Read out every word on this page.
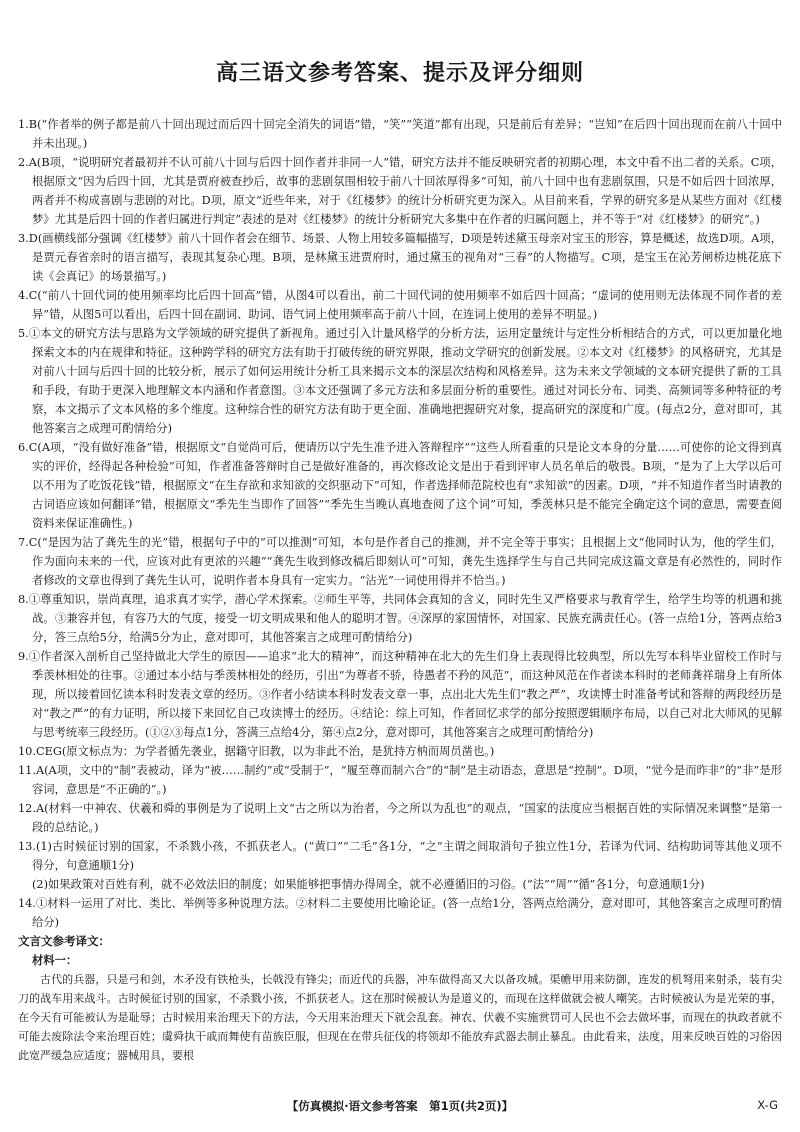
高三语文参考答案、提示及评分细则

1.B(“作者举的例子都是前八十回出现过而后四十回完全消失的词语”错，“笑”“笑道”都有出现，只是前后有差异；“岂知”在后四十回出现而在前八十回中并未出现。)

2.A(B项，“说明研究者最初并不认可前八十回与后四十回作者并非同一人”错，研究方法并不能反映研究者的初期心理，本文中看不出二者的关系。C项，根据原文“因为后四十回，尤其是贾府被查抄后，故事的悲剧氛围相较于前八十回浓厚得多”可知，前八十回中也有悲剧氛围，只是不如后四十回浓厚，两者并不构成喜剧与悲剧的对比。D项，原文“近些年来，对于《红楼梦》的统计分析研究更为深入。从目前来看，学界的研究多是从某些方面对《红楼梦》尤其是后四十回的作者归属进行判定”表述的是对《红楼梦》的统计分析研究大多集中在作者的归属问题上，并不等于“对《红楼梦》的研究”。)

3.D(画横线部分强调《红楼梦》前八十回作者会在细节、场景、人物上用较多篇幅描写，D项是转述黛玉母亲对宝玉的形容，算是概述，故选D项。A项，是贾元春省亲时的语言描写，表现其复杂心理。B项，是林黛玉进贾府时，通过黛玉的视角对“三春”的人物描写。C项，是宝玉在沁芳闸桥边桃花底下读《会真记》的场景描写。)

4.C(“前八十回代词的使用频率均比后四十回高”错，从图4可以看出，前二十回代词的使用频率不如后四十回高；“虚词的使用则无法体现不同作者的差异”错，从图5可以看出，后四十回在副词、助词、语气词上使用频率高于前八十回，在连词上使用的差异不明显。)

5.①本文的研究方法与思路为文学领域的研究提供了新视角。通过引入计量风格学的分析方法，运用定量统计与定性分析相结合的方式，可以更加量化地探索文本的内在规律和特征。这种跨学科的研究方法有助于打破传统的研究界限，推动文学研究的创新发展。②本文对《红楼梦》的风格研究，尤其是对前八十回与后四十回的比较分析，展示了如何运用统计分析工具来揭示文本的深层次结构和风格差异。这为未来文学领域的文本研究提供了新的工具和手段，有助于更深入地理解文本内涵和作者意图。③本文还强调了多元方法和多层面分析的重要性。通过对词长分布、词类、高频词等多种特征的考察，本文揭示了文本风格的多个维度。这种综合性的研究方法有助于更全面、准确地把握研究对象，提高研究的深度和广度。(每点2分，意对即可，其他答案言之成理可酌情给分)

6.C(A项，“没有做好准备”错，根据原文“自觉尚可后，便请历以宁先生准予进入答辩程序”“这些人所看重的只是论文本身的分量……可使你的论文得到真实的评价，经得起各种检验”可知，作者准备答辩时自己是做好准备的，再次修改论文是出于看到评审人员名单后的敬畏。B项，“是为了上大学以后可以不用为了吃饭花钱”错，根据原文“在生存欲和求知欲的交织驱动下”可知，作者选择师范院校也有“求知欲”的因素。D项，“并不知道作者当时请教的古词语应该如何翻译”错，根据原文“季先生当即作了回答”“季先生当晚认真地查阅了这个词”可知，季羡林只是不能完全确定这个词的意思，需要查阅资料来保证准确性。)

7.C(“是因为沾了龚先生的光”错，根据句子中的“可以推测”可知，本句是作者自己的推测，并不完全等于事实；且根据上文“他同时认为，他的学生们，作为面向未来的一代，应该对此有更浓的兴趣”“龚先生收到修改稿后即刻认可”可知，龚先生选择学生与自己共同完成这篇文章是有必然性的，同时作者修改的文章也得到了龚先生认可，说明作者本身具有一定实力。“沾光”一词使用得并不恰当。)

8.①尊重知识，崇尚真理，追求真才实学，潜心学术探索。②师生平等，共同体会真知的含义，同时先生又严格要求与教育学生，给学生均等的机遇和挑战。③兼容并包，有容乃大的气度，接受一切文明成果和他人的聪明才智。④深厚的家国情怀，对国家、民族充满责任心。(答一点给1分，答两点给3分，答三点给5分，给满5分为止，意对即可，其他答案言之成理可酌情给分)

9.①作者深入剖析自己坚持做北大学生的原因——追求“北大的精神”，而这种精神在北大的先生们身上表现得比较典型，所以先写本科毕业留校工作时与季羡林相处的往事。②通过本小结与季羡林相处的经历，引出“为尊者不骄，待愚者不矜的风范”，而这种风范在作者读本科时的老师龚祥瑞身上有所体现，所以接着回忆读本科时发表文章的经历。③作者小结读本科时发表文章一事，点出北大先生们“教之严”，攻读博士时准备考试和答辩的两段经历是对“教之严”的有力证明，所以接下来回忆自己攻读博士的经历。④结论：综上可知，作者回忆求学的部分按照逻辑顺序布局，以自己对北大师风的见解与思考统率三段经历。(①②③每点1分，答满三点给4分，第④点2分，意对即可，其他答案言之成理可酌情给分)

10.CEG(原文标点为：为学者循先袭业，据籍守旧教，以为非此不治，是犹持方枘而周员凿也。)

11.A(A项，文中的“制”表被动，译为“被……制约”或“受制于”，“履至尊而制六合”的“制”是主动语态，意思是“控制”。D项，“觉今是而昨非”的“非”是形容词，意思是“不正确的”。)

12.A(材料一中神农、伏羲和舜的事例是为了说明上文“古之所以为治者，今之所以为乱也”的观点，“国家的法度应当根据百姓的实际情况来调整”是第一段的总结论。)

13.(1)古时候征讨别的国家，不杀戮小孩，不抓获老人。(“黄口”“二毛”各1分，“之”主谓之间取消句子独立性1分，若译为代词、结构助词等其他义项不得分，句意通顺1分)

(2)如果政策对百姓有利，就不必效法旧的制度；如果能够把事情办得周全，就不必遵循旧的习俗。(“法”“周”“循”各1分，句意通顺1分)

14.①材料一运用了对比、类比、举例等多种说理方法。②材料二主要使用比喻论证。(答一点给1分，答两点给满分，意对即可，其他答案言之成理可酌情给分)

文言文参考译文：

材料一：

古代的兵器，只是弓和剑，木矛没有铁枪头，长戟没有锋尖；而近代的兵器，冲车做得高又大以备攻城。渠幨甲用来防御，连发的机弩用来射杀，装有尖刀的战车用来战斗。古时候征讨别的国家，不杀戮小孩，不抓获老人。这在那时候被认为是道义的，而现在这样做就会被人嘲笑。古时候被认为是光荣的事，在今天有可能被认为是耻辱；古时候用来治理天下的方法，今天用来治理天下就会乱套。神农、伏羲不实施赏罚可人民也不会去做坏事，而现在的执政者就不可能去废除法令来治理百姓；虞舜执干戚而舞使有苗族臣服，但现在在带兵征伐的将领却不能放弃武器去制止暴乱。由此看来，法度，用来反映百姓的习俗因此宽严缓急应适度；器械用具，要根

【仿真模拟·语文参考答案　第1页(共2页)】	X-G
